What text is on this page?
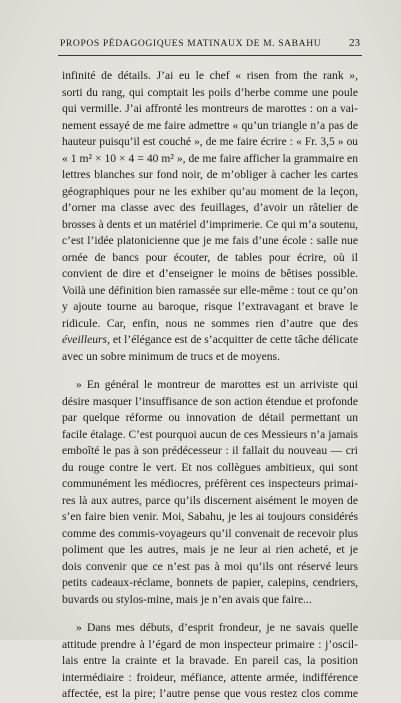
PROPOS PÉDAGOGIQUES MATINAUX DE M. SABAHU	23
infinité de détails. J’ai eu le chef « risen from the rank »,
sorti du rang, qui comptait les poils d’herbe comme une poule
qui vermille. J’ai affronté les montreurs de marottes : on a vai-
nement essayé de me faire admettre « qu’un triangle n’a pas de
hauteur puisqu’il est couché », de me faire écrire : « Fr. 3,5 » ou
« 1 m² × 10 × 4 = 40 m² », de me faire afficher la grammaire en
lettres blanches sur fond noir, de m’obliger à cacher les cartes
géographiques pour ne les exhiber qu’au moment de la leçon,
d’orner ma classe avec des feuillages, d’avoir un râtelier de
brosses à dents et un matériel d’imprimerie. Ce qui m’a soutenu,
c’est l’idée platonicienne que je me fais d’une école : salle nue
ornée de bancs pour écouter, de tables pour écrire, où il
convient de dire et d’enseigner le moins de bêtises possible.
Voilà une définition bien ramassée sur elle-même : tout ce qu’on
y ajoute tourne au baroque, risque l’extravagant et brave le
ridicule. Car, enfin, nous ne sommes rien d’autre que des
éveilleurs, et l’élégance est de s’acquitter de cette tâche délicate
avec un sobre minimum de trucs et de moyens.
» En général le montreur de marottes est un arriviste qui
désire masquer l’insuffisance de son action étendue et profonde
par quelque réforme ou innovation de détail permettant un
facile étalage. C’est pourquoi aucun de ces Messieurs n’a jamais
emboîté le pas à son prédécesseur : il fallait du nouveau — cri
du rouge contre le vert. Et nos collègues ambitieux, qui sont
communément les médiocres, préfèrent ces inspecteurs primai-
res là aux autres, parce qu’ils discernent aisément le moyen de
s’en faire bien venir. Moi, Sabahu, je les ai toujours considérés
comme des commis-voyageurs qu’il convenait de recevoir plus
poliment que les autres, mais je ne leur ai rien acheté, et je
dois convenir que ce n’est pas à moi qu’ils ont réservé leurs
petits cadeaux-réclame, bonnets de papier, calepins, cendriers,
buvards ou stylos-mine, mais je n’en avais que faire...
» Dans mes débuts, d’esprit frondeur, je ne savais quelle
attitude prendre à l’égard de mon inspecteur primaire : j’oscil-
lais entre la crainte et la bravade. En pareil cas, la position
intermédiaire : froideur, méfiance, attente armée, indifférence
affectée, est la pire; l’autre pense que vous restez clos comme
